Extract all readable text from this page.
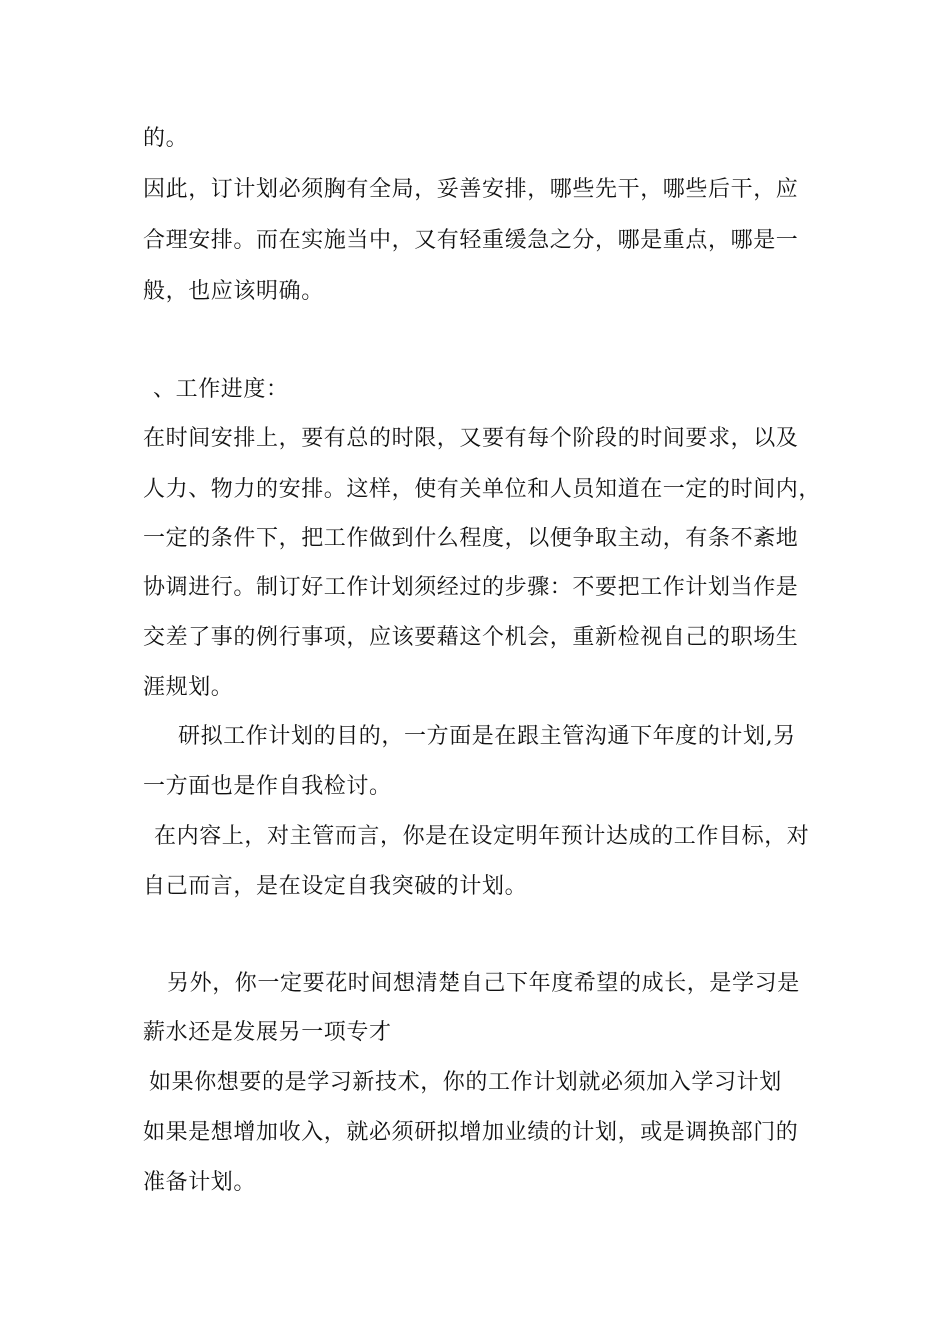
的。

因此，订计划必须胸有全局，妥善安排，哪些先干，哪些后干，应

合理安排。而在实施当中，又有轻重缓急之分，哪是重点，哪是一

般，也应该明确。

、工作进度：

在时间安排上，要有总的时限，又要有每个阶段的时间要求，以及

人力、物力的安排。这样，使有关单位和人员知道在一定的时间内，

一定的条件下，把工作做到什么程度，以便争取主动，有条不紊地

协调进行。制订好工作计划须经过的步骤：不要把工作计划当作是

交差了事的例行事项，应该要藉这个机会，重新检视自己的职场生

涯规划。

研拟工作计划的目的，一方面是在跟主管沟通下年度的计划,另

一方面也是作自我检讨。

在内容上，对主管而言，你是在设定明年预计达成的工作目标，对

自己而言，是在设定自我突破的计划。

另外，你一定要花时间想清楚自己下年度希望的成长，是学习是

薪水还是发展另一项专才

如果你想要的是学习新技术，你的工作计划就必须加入学习计划

如果是想增加收入，就必须研拟增加业绩的计划，或是调换部门的

准备计划。
